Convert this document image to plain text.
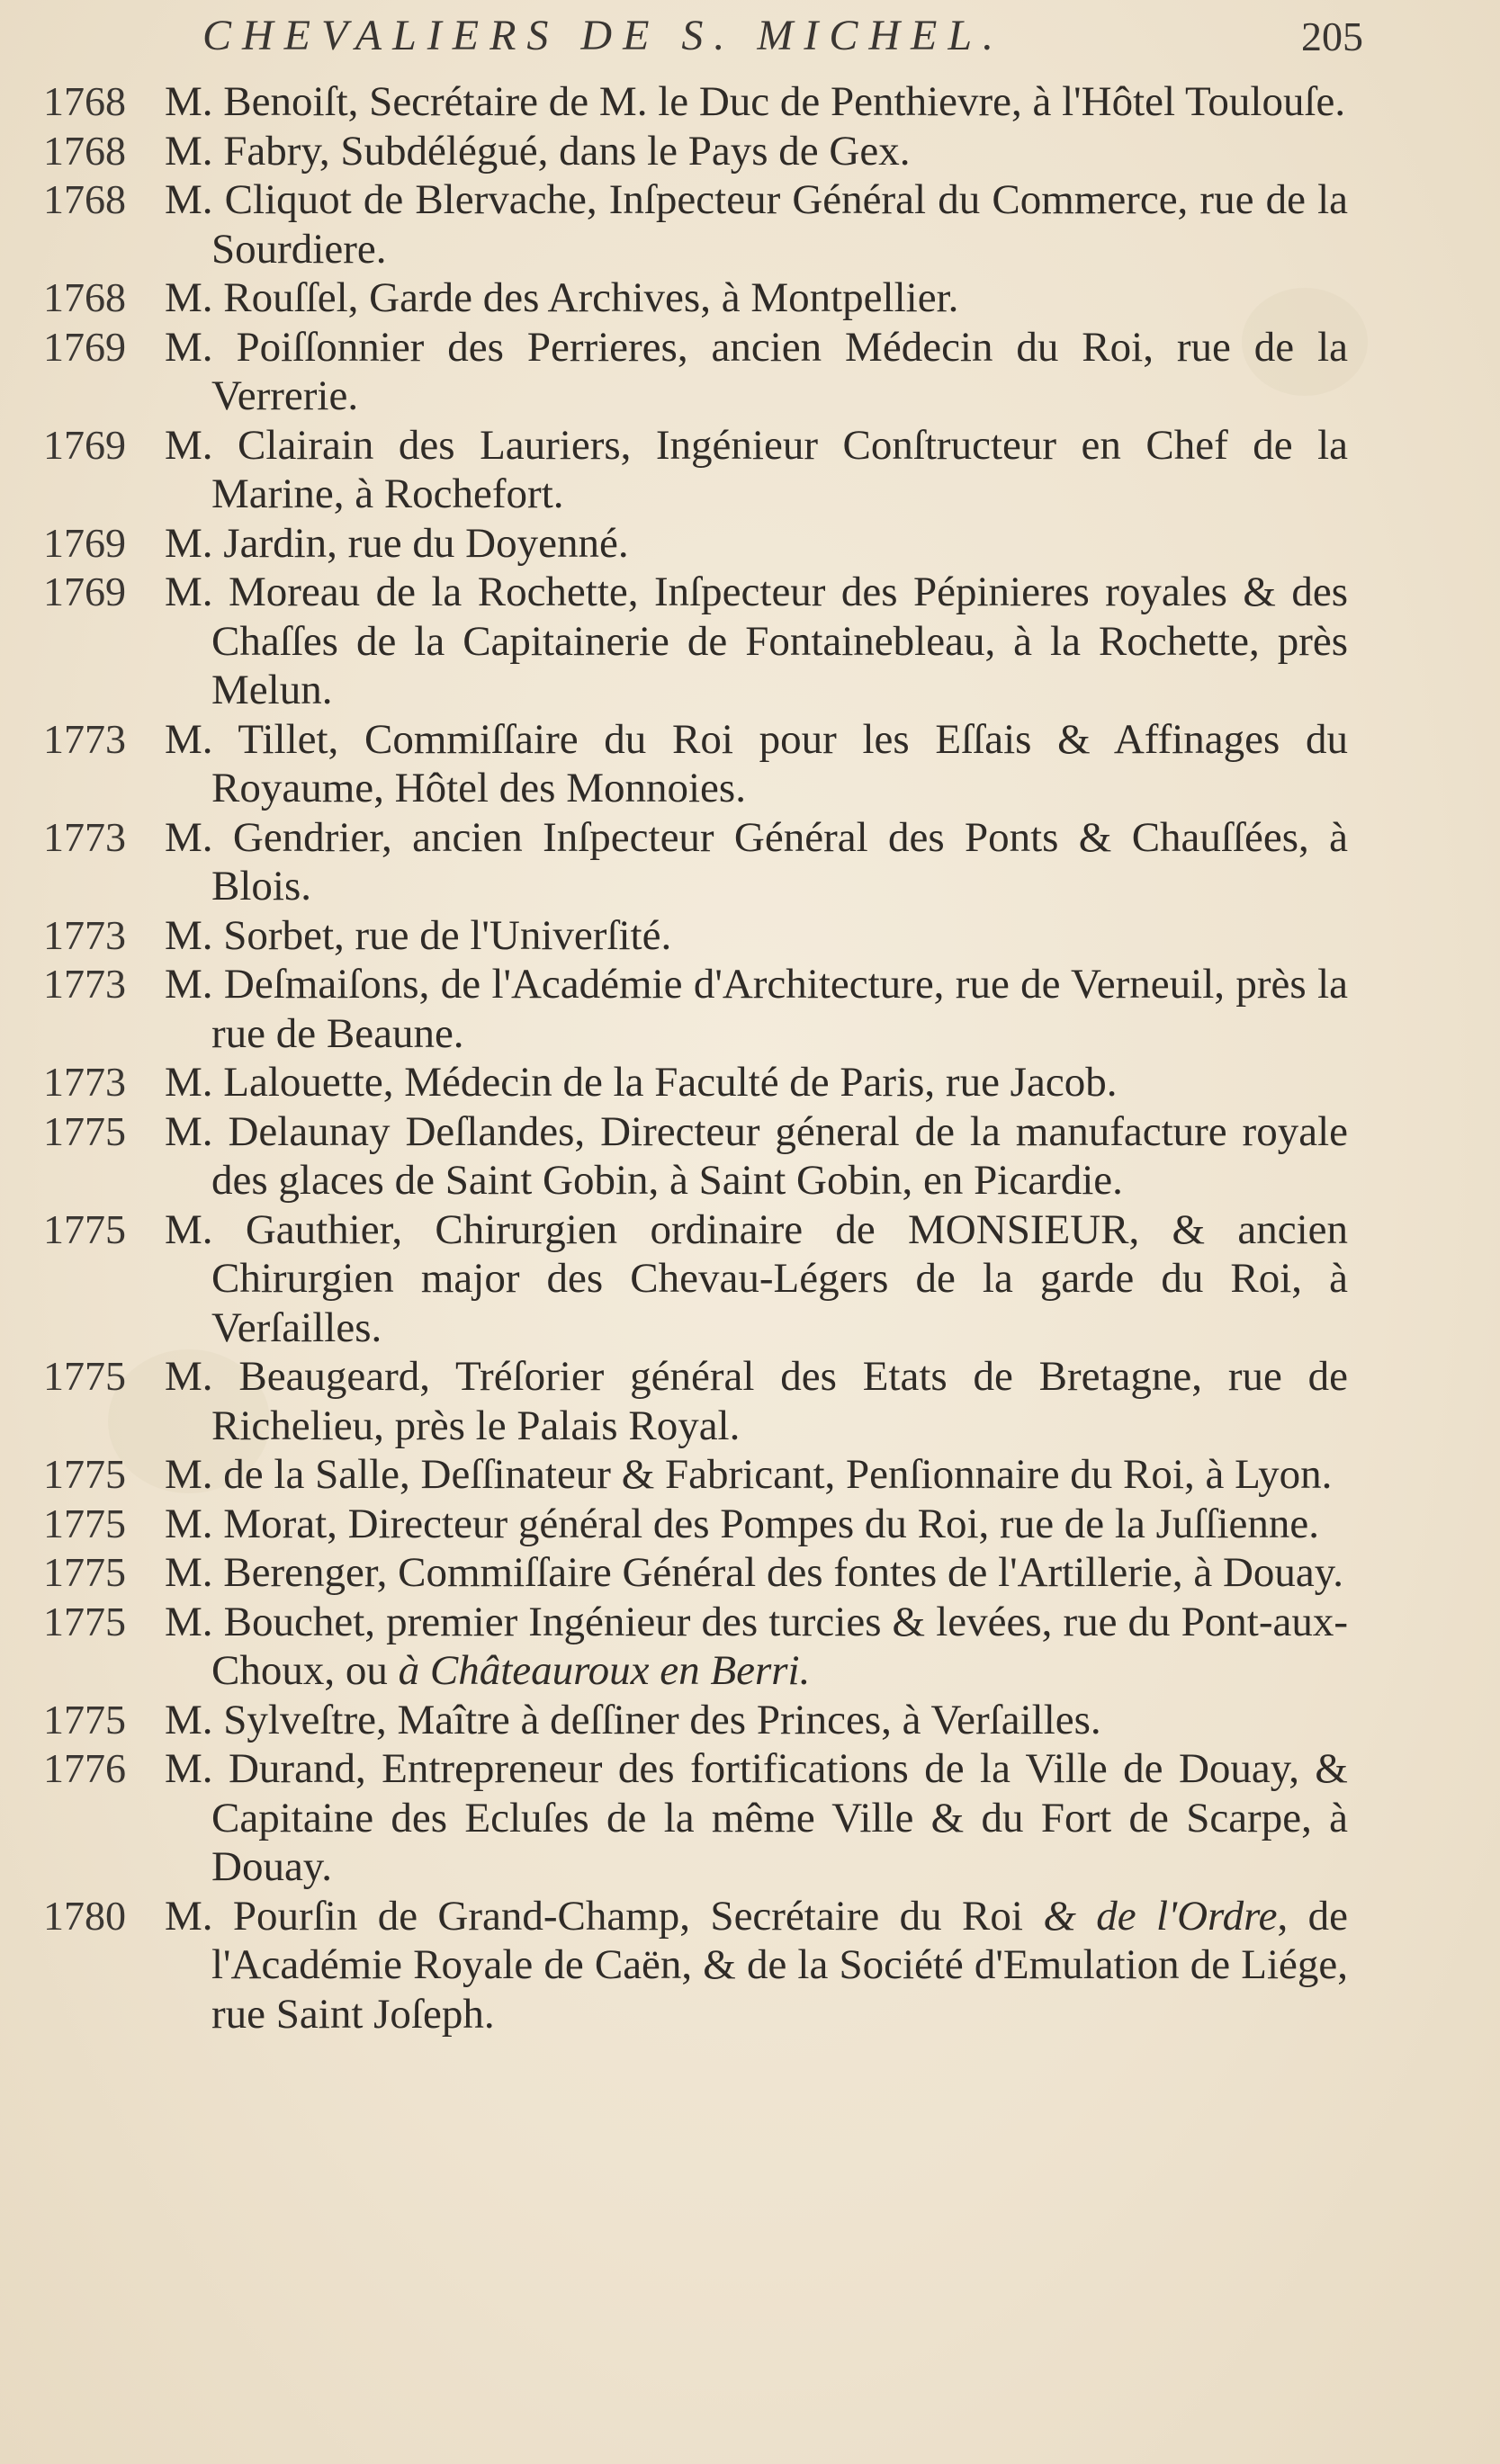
CHEVALIERS DE S. MICHEL.	205
1768 M. Benoiſt, Secrétaire de M. le Duc de Penthievre, à l'Hôtel Toulouſe.
1768 M. Fabry, Subdélégué, dans le Pays de Gex.
1768 M. Cliquot de Blervache, Inſpecteur Général du Commerce, rue de la Sourdiere.
1768 M. Rouſſel, Garde des Archives, à Montpellier.
1769 M. Poiſſonnier des Perrieres, ancien Médecin du Roi, rue de la Verrerie.
1769 M. Clairain des Lauriers, Ingénieur Conſtructeur en Chef de la Marine, à Rochefort.
1769 M. Jardin, rue du Doyenné.
1769 M. Moreau de la Rochette, Inſpecteur des Pépinieres royales & des Chaſſes de la Capitainerie de Fontainebleau, à la Rochette, près Melun.
1773 M. Tillet, Commiſſaire du Roi pour les Eſſais & Affinages du Royaume, Hôtel des Monnoies.
1773 M. Gendrier, ancien Inſpecteur Général des Ponts & Chauſſées, à Blois.
1773 M. Sorbet, rue de l'Univerſité.
1773 M. Deſmaiſons, de l'Académie d'Architecture, rue de Verneuil, près la rue de Beaune.
1773 M. Lalouette, Médecin de la Faculté de Paris, rue Jacob.
1775 M. Delaunay Deſlandes, Directeur géneral de la manufacture royale des glaces de Saint Gobin, à Saint Gobin, en Picardie.
1775 M. Gauthier, Chirurgien ordinaire de MONSIEUR, & ancien Chirurgien major des Chevau-Légers de la garde du Roi, à Verſailles.
1775 M. Beaugeard, Tréſorier général des Etats de Bretagne, rue de Richelieu, près le Palais Royal.
1775 M. de la Salle, Deſſinateur & Fabricant, Penſionnaire du Roi, à Lyon.
1775 M. Morat, Directeur général des Pompes du Roi, rue de la Juſſienne.
1775 M. Berenger, Commiſſaire Général des fontes de l'Artillerie, à Douay.
1775 M. Bouchet, premier Ingénieur des turcies & levées, rue du Pont-aux-Choux, ou à Châteauroux en Berri.
1775 M. Sylveſtre, Maître à deſſiner des Princes, à Verſailles.
1776 M. Durand, Entrepreneur des fortifications de la Ville de Douay, & Capitaine des Ecluſes de la même Ville & du Fort de Scarpe, à Douay.
1780 M. Pourſin de Grand-Champ, Secrétaire du Roi & de l'Ordre, de l'Académie Royale de Caën, & de la Société d'Emulation de Liége, rue Saint Joſeph.
